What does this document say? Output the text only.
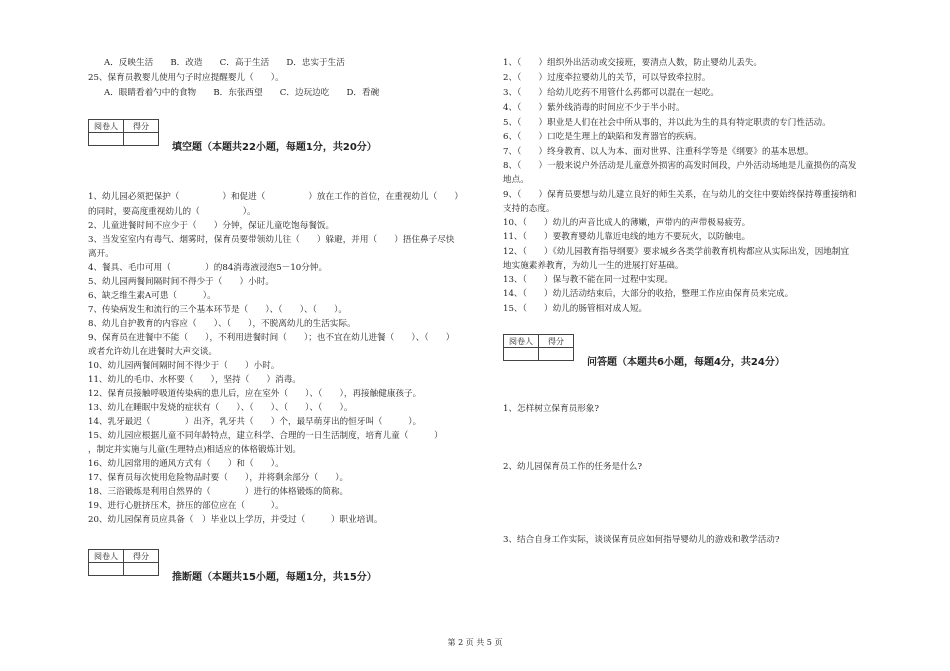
A．反映生活　　B．改造　　C．高于生活　　D．忠实于生活
25、保育员教婴儿使用勺子时应提醒婴儿（　　）。
A．眼睛看着勺中的食物　　B．东张西望　　C．边玩边吃　　D．看碗
阅卷人	得分

填空题（本题共22小题，每题1分，共20分）
1、幼儿园必须把保护（　　　　　）和促进（　　　　　）放在工作的首位，在重视幼儿（　　）
的同时，要高度重视幼儿的（　　　　　）。
2、儿童进餐时间不应少于（　　）分钟，保证儿童吃饱每餐饭。
3、当发室室内有毒气、烟雾时，保育员要带领幼儿往（　　）躲避，并用（　　）捂住鼻子尽快
离开。
4、餐具、毛巾可用（　　　　）的84消毒液浸泡5－10分钟。
5、幼儿园两餐间隔时间不得少于（　　）小时。
6、缺乏维生素A可患（　　　）。
7、传染病发生和流行的三个基本环节是（　　）、（　　）、（　　）。
8、幼儿自护教育的内容应（　　）、（　　），不脱离幼儿的生活实际。
9、保育员在进餐中不能（　　），不利用进餐时间（　　）；也不宜在幼儿进餐（　　）、（　　）
或者允许幼儿在进餐时大声交谈。
10、幼儿园两餐间隔时间不得少于（　　）小时。
11、幼儿的毛巾、水杯要（　　），坚持（　　）消毒。
12、保育员接触呼吸道传染病的患儿后，应在室外（　　）、（　　），再接触健康孩子。
13、幼儿在睡眠中发烧的症状有（　　）、（　　）、（　　）、（　　）。
14、乳牙最迟（　　　　）出齐，乳牙共（　　）个，最早萌芽出的恒牙叫（　　　）。
15、幼儿园应根据儿童不同年龄特点，建立科学、合理的一日生活制度，培育儿童（　　　）
，制定并实施与儿童(生理特点)相适应的体格锻炼计划。
16、幼儿园常用的通风方式有（　　）和（　　）。
17、保育员每次使用危险物品时要（　　），并将剩余部分（　　）。
18、三浴锻炼是利用自然界的（　　　　）进行的体格锻炼的简称。
19、进行心脏挤压术，挤压的部位应在（　　　）。
20、幼儿园保育员应具备（　）毕业以上学历，并受过（　　　）职业培训。
阅卷人	得分

推断题（本题共15小题，每题1分，共15分）
1、（　　）组织外出活动或交接班，要清点人数，防止婴幼儿丢失。
2、（　　）过度牵拉婴幼儿的关节，可以导致牵拉肘。
3、（　　）给幼儿吃药不用管什么药都可以混在一起吃。
4、（　　）紫外线消毒的时间应不少于半小时。
5、（　　）职业是人们在社会中所从事的，并以此为生的具有特定职责的专门性活动。
6、（　　）口吃是生理上的缺陷和发育器官的疾病。
7、（　　）终身教育、以人为本、面对世界、注重科学等是《纲要》的基本思想。
8、（　　）一般来说户外活动是儿童意外损害的高发时间段，户外活动场地是儿童损伤的高发
地点。
9、（　　）保育员要想与幼儿建立良好的师生关系，在与幼儿的交往中要始终保持尊重接纳和
支持的态度。
10、（　　）幼儿的声音比成人的薄嫩，声带内的声带极易疲劳。
11、（　　）要教育婴幼儿靠近电线的地方不要玩火，以防触电。
12、（　　）《幼儿园教育指导纲要》要求城乡各类学前教育机构都应从实际出发，因地制宜
地实施素养教育，为幼儿一生的进展打好基础。
13、（　　）保与教不能在同一过程中实现。
14、（　　）幼儿活动结束后，大部分的收拾，整理工作应由保育员来完成。
15、（　　）幼儿的肠管相对成人短。
阅卷人	得分

问答题（本题共6小题，每题4分，共24分）
1、怎样树立保育员形象?
2、幼儿园保育员工作的任务是什么?
3、结合自身工作实际，谈谈保育员应如何指导婴幼儿的游戏和教学活动?
第 2 页 共 5 页
